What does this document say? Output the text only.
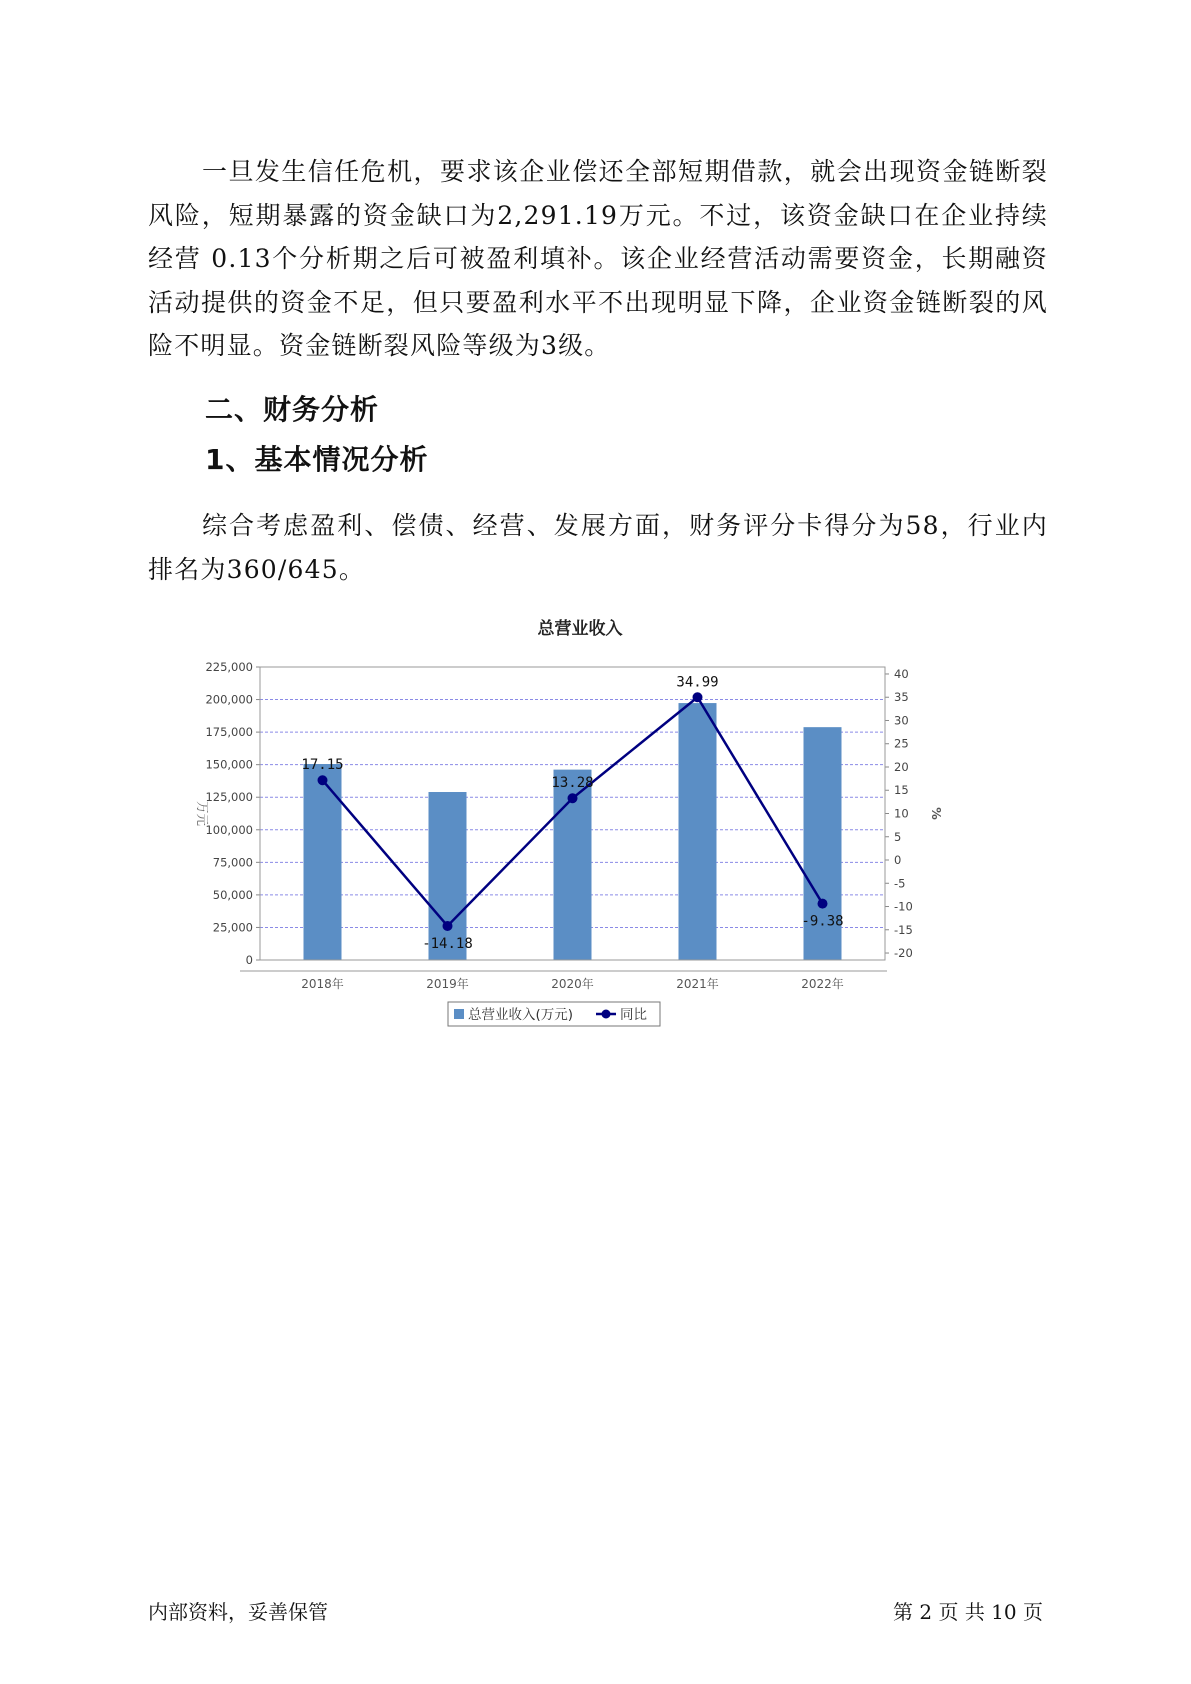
一旦发生信任危机，要求该企业偿还全部短期借款，就会出现资金链断裂风险，短期暴露的资金缺口为2,291.19万元。不过，该资金缺口在企业持续经营 0.13个分析期之后可被盈利填补。该企业经营活动需要资金，长期融资活动提供的资金不足，但只要盈利水平不出现明显下降，企业资金链断裂的风险不明显。资金链断裂风险等级为3级。

二、财务分析
1、基本情况分析

综合考虑盈利、偿债、经营、发展方面，财务评分卡得分为58，行业内排名为360/645。

总营业收入
0
25,000
50,000
75,000
100,000
125,000
150,000
175,000
200,000
225,000
-20
-15
-10
-5
0
5
10
15
20
25
30
35
40
万元	%
2018年	2019年	2020年	2021年	2022年
17.15
-14.18
13.28
34.99
-9.38
总营业收入(万元)	同比
内部资料，妥善保管	第 2 页 共 10 页
